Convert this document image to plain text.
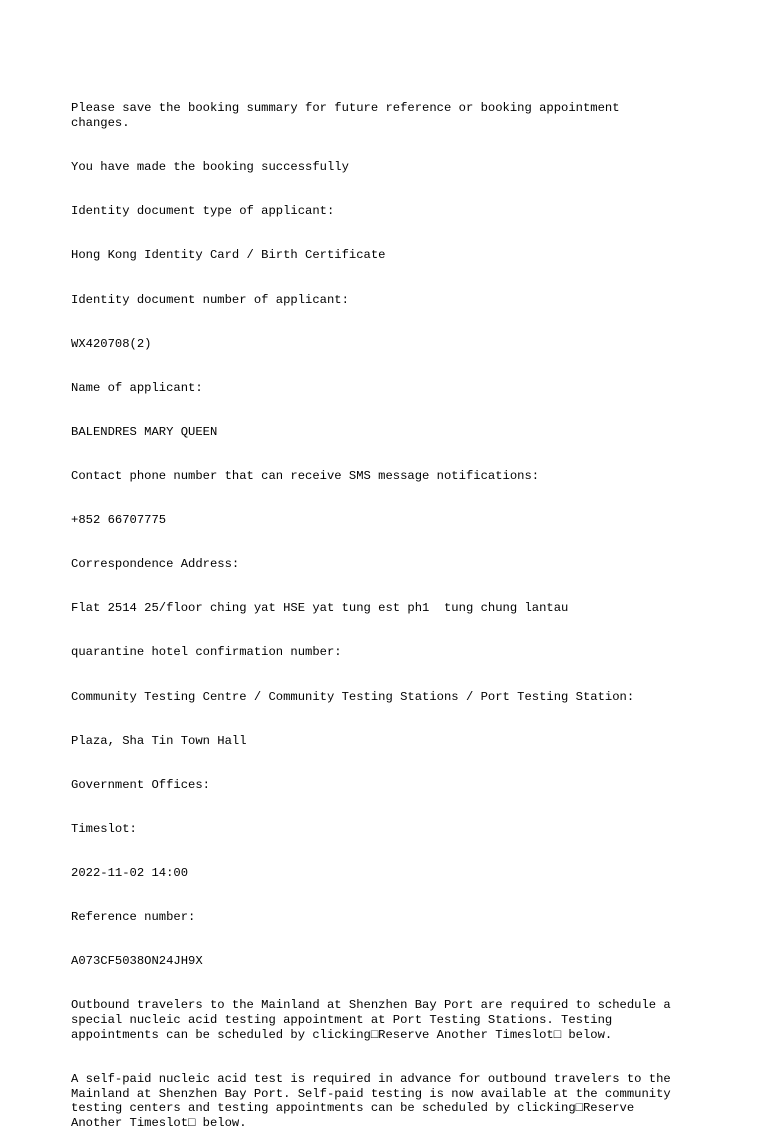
Please save the booking summary for future reference or booking appointment
changes.

You have made the booking successfully

Identity document type of applicant:

Hong Kong Identity Card / Birth Certificate

Identity document number of applicant:

WX420708(2)

Name of applicant:

BALENDRES MARY QUEEN

Contact phone number that can receive SMS message notifications:

+852 66707775

Correspondence Address:

Flat 2514 25/floor ching yat HSE yat tung est ph1  tung chung lantau

quarantine hotel confirmation number:

Community Testing Centre / Community Testing Stations / Port Testing Station:

Plaza, Sha Tin Town Hall

Government Offices:

Timeslot:

2022-11-02 14:00

Reference number:

A073CF5038ON24JH9X

Outbound travelers to the Mainland at Shenzhen Bay Port are required to schedule a
special nucleic acid testing appointment at Port Testing Stations. Testing
appointments can be scheduled by clicking□Reserve Another Timeslot□ below.

A self-paid nucleic acid test is required in advance for outbound travelers to the
Mainland at Shenzhen Bay Port. Self-paid testing is now available at the community
testing centers and testing appointments can be scheduled by clicking□Reserve
Another Timeslot□ below.
